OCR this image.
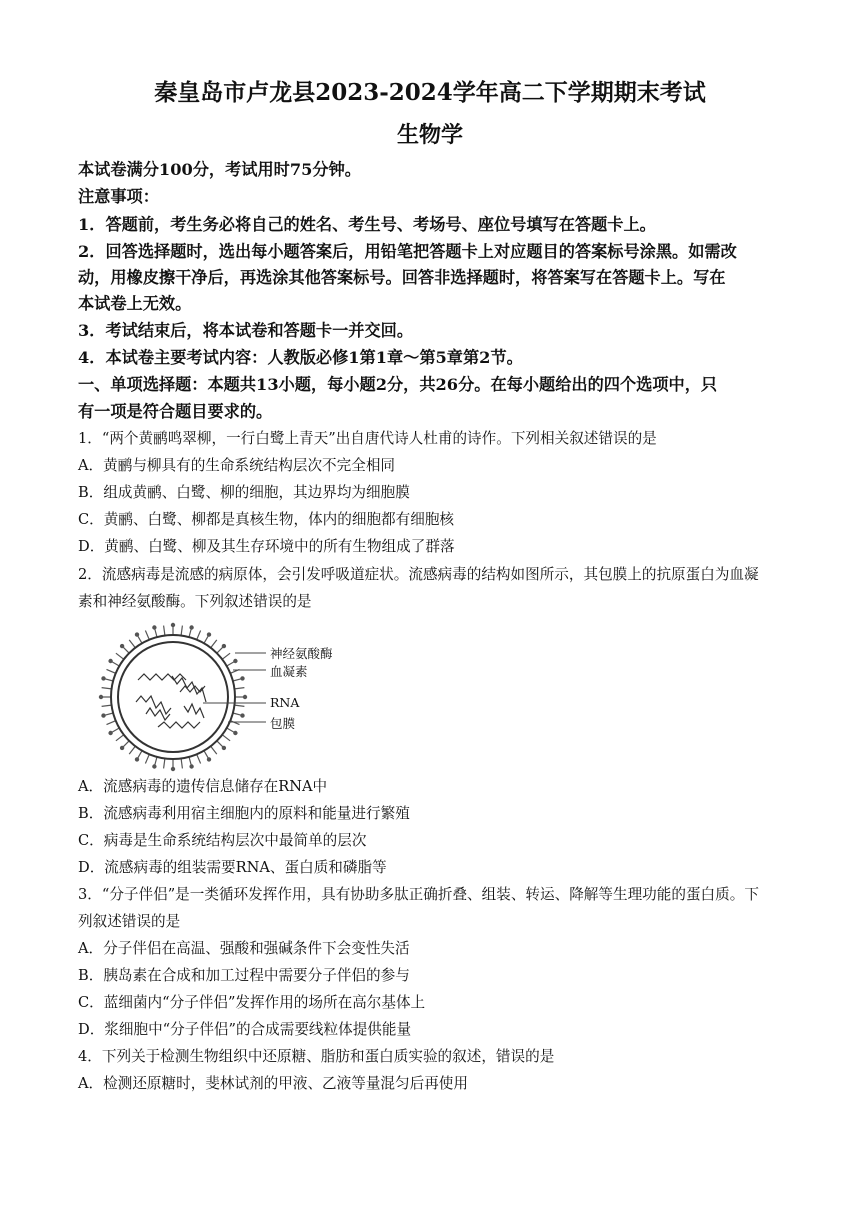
秦皇岛市卢龙县2023-2024学年高二下学期期末考试
生物学
本试卷满分100分，考试用时75分钟。
注意事项：
1．答题前，考生务必将自己的姓名、考生号、考场号、座位号填写在答题卡上。
2．回答选择题时，选出每小题答案后，用铅笔把答题卡上对应题目的答案标号涂黑。如需改
动，用橡皮擦干净后，再选涂其他答案标号。回答非选择题时，将答案写在答题卡上。写在
本试卷上无效。
3．考试结束后，将本试卷和答题卡一并交回。
4．本试卷主要考试内容：人教版必修1第1章～第5章第2节。
一、单项选择题：本题共13小题，每小题2分，共26分。在每小题给出的四个选项中，只
有一项是符合题目要求的。
1．“两个黄鹂鸣翠柳，一行白鹭上青天”出自唐代诗人杜甫的诗作。下列相关叙述错误的是
A．黄鹂与柳具有的生命系统结构层次不完全相同
B．组成黄鹂、白鹭、柳的细胞，其边界均为细胞膜
C．黄鹂、白鹭、柳都是真核生物，体内的细胞都有细胞核
D．黄鹂、白鹭、柳及其生存环境中的所有生物组成了群落
2．流感病毒是流感的病原体，会引发呼吸道症状。流感病毒的结构如图所示，其包膜上的抗原蛋白为血凝
素和神经氨酸酶。下列叙述错误的是
神经氨酸酶
血凝素
RNA
包膜
A．流感病毒的遗传信息储存在RNA中
B．流感病毒利用宿主细胞内的原料和能量进行繁殖
C．病毒是生命系统结构层次中最简单的层次
D．流感病毒的组装需要RNA、蛋白质和磷脂等
3．“分子伴侣”是一类循环发挥作用，具有协助多肽正确折叠、组装、转运、降解等生理功能的蛋白质。下
列叙述错误的是
A．分子伴侣在高温、强酸和强碱条件下会变性失活
B．胰岛素在合成和加工过程中需要分子伴侣的参与
C．蓝细菌内“分子伴侣”发挥作用的场所在高尔基体上
D．浆细胞中“分子伴侣”的合成需要线粒体提供能量
4．下列关于检测生物组织中还原糖、脂肪和蛋白质实验的叙述，错误的是
A．检测还原糖时，斐林试剂的甲液、乙液等量混匀后再使用
